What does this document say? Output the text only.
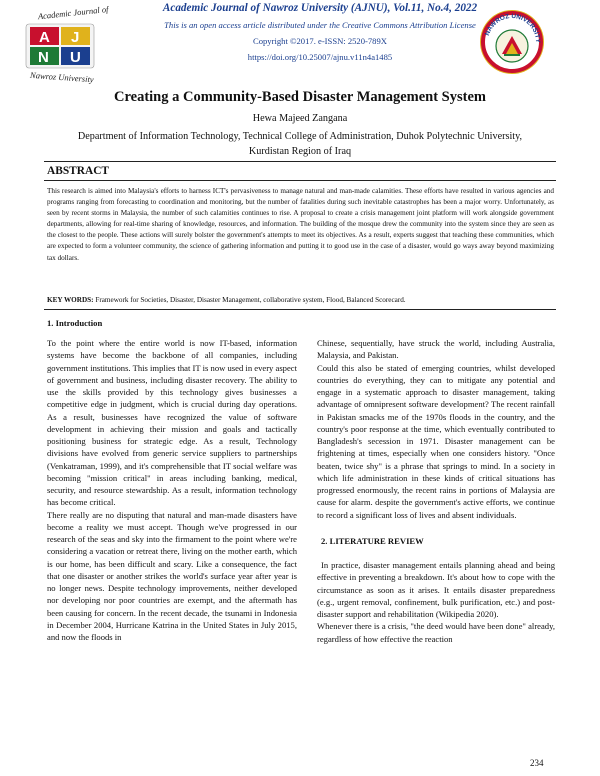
Academic Journal of Nawroz University (AJNU), Vol.11, No.4, 2022
This is an open access article distributed under the Creative Commons Attribution License
Copyright ©2017. e-ISSN: 2520-789X
https://doi.org/10.25007/ajnu.v11n4a1485
Academic Journal of
A J
N U
Nawroz University
NAWROZ UNIVERSITY
Creating a Community-Based Disaster Management System
Hewa Majeed Zangana
Department of Information Technology, Technical College of Administration, Duhok Polytechnic University,
Kurdistan Region of Iraq
ABSTRACT
This research is aimed into Malaysia's efforts to harness ICT's pervasiveness to manage natural and man-made calamities. These efforts have resulted in various agencies and programs ranging from forecasting to coordination and monitoring, but the number of fatalities during such inevitable catastrophes has been a major worry. Unfortunately, as seen by recent storms in Malaysia, the number of such calamities continues to rise. A proposal to create a crisis management joint platform will work alongside government departments, allowing for real-time sharing of knowledge, resources, and information. The building of the mosque drew the community into the system since they are seen as the closest to the people. These actions will surely bolster the government's attempts to meet its objectives. As a result, experts suggest that teaching these communities, which are expected to form a volunteer community, the science of gathering information and putting it to good use in the case of a disaster, would go ways away beyond maximizing tax dollars.
KEY WORDS: Framework for Societies, Disaster, Disaster Management, collaborative system, Flood, Balanced Scorecard.
1. Introduction

To the point where the entire world is now IT-based, information systems have become the backbone of all companies, including government institutions. This implies that IT is now used in every aspect of government and business, including disaster recovery. The ability to use the skills provided by this technology gives businesses a competitive edge in judgment, which is crucial during day operations. As a result, businesses have recognized the value of software development in achieving their mission and goals and tactically positioning business for strategic edge. As a result, Technology divisions have evolved from generic service suppliers to partnerships (Venkatraman, 1999), and it's comprehensible that IT social welfare was becoming "mission critical" in areas including banking, medical, security, and resource stewardship. As a result, information technology has become critical.

There really are no disputing that natural and man-made disasters have become a reality we must accept. Though we've progressed in our research of the seas and sky into the firmament to the point where we're considering a vacation or retreat there, living on the mother earth, which is our home, has been difficult and scary. Like a consequence, the fact that one disaster or another strikes the world's surface year after year is no longer news. Despite technology improvements, neither developed nor developing nor poor countries are exempt, and the aftermath has been causing for concern. In the recent decade, the tsunami in Indonesia in December 2004, Hurricane Katrina in the United States in July 2015, and now the floods in

Chinese, sequentially, have struck the world, including Australia, Malaysia, and Pakistan.

Could this also be stated of emerging countries, whilst developed countries do everything, they can to mitigate any potential and engage in a systematic approach to disaster management, taking advantage of omnipresent software development? The recent rainfall in Pakistan smacks me of the 1970s floods in the country, and the country's poor response at the time, which eventually contributed to Bangladesh's secession in 1971. Disaster management can be frightening at times, especially when one considers history. "Once beaten, twice shy" is a phrase that springs to mind. In a society in which life administration in these kinds of critical situations has progressed enormously, the recent rains in portions of Malaysia are cause for alarm. despite the government's active efforts, we continue to record a significant loss of lives and absent individuals.

2. LITERATURE REVIEW

In practice, disaster management entails planning ahead and being effective in preventing a breakdown. It's about how to cope with the circumstance as soon as it arises. It entails disaster preparedness (e.g., urgent removal, confinement, bulk purification, etc.) and post-disaster support and rehabilitation (Wikipedia 2020).

Whenever there is a crisis, "the deed would have been done" already, regardless of how effective the reaction

234
